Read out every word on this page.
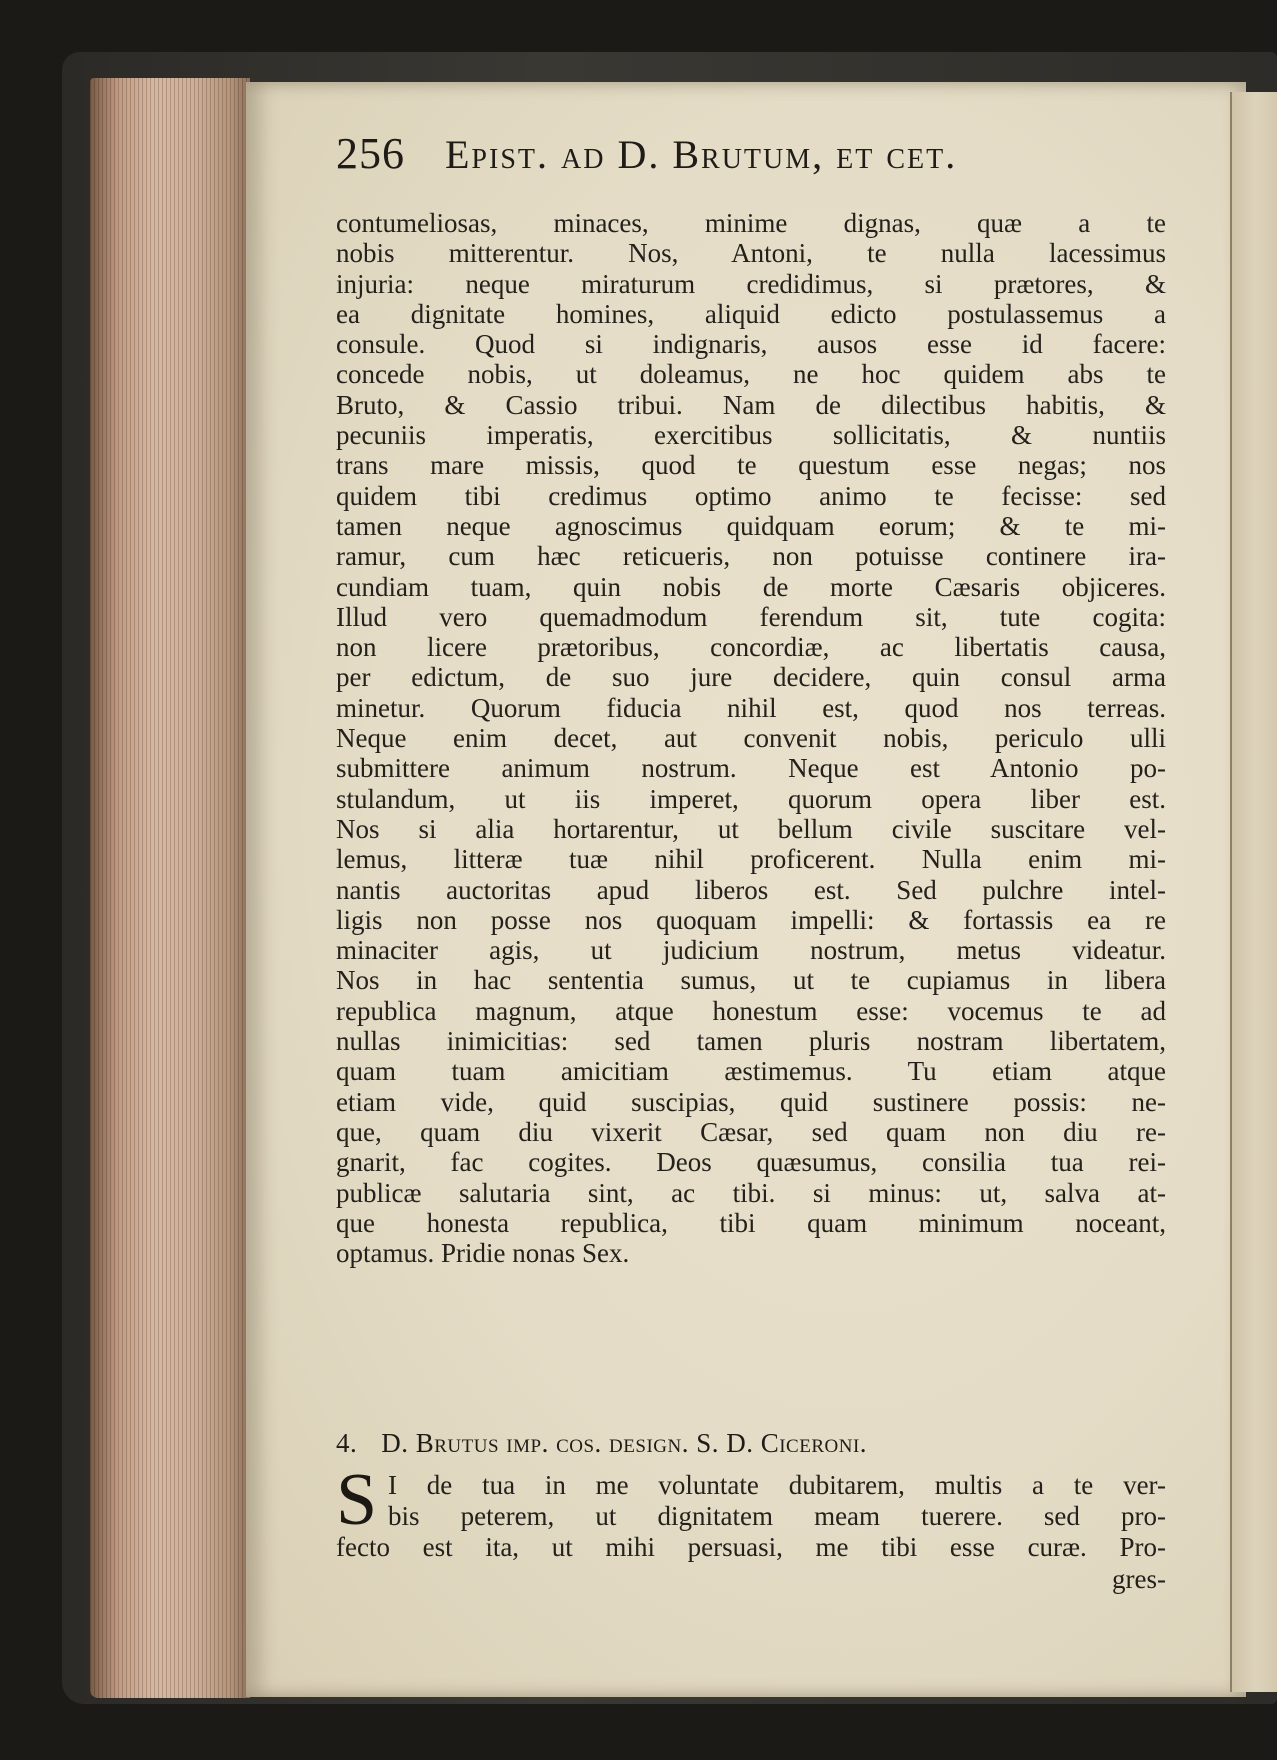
256 Epist. ad D. Brutum, et cet.
contumeliosas, minaces, minime dignas, quæ a te
nobis mitterentur. Nos, Antoni, te nulla lacessimus
injuria: neque miraturum credidimus, si prætores, &
ea dignitate homines, aliquid edicto postulassemus a
consule. Quod si indignaris, ausos esse id facere:
concede nobis, ut doleamus, ne hoc quidem abs te
Bruto, & Cassio tribui. Nam de dilectibus habitis, &
pecuniis imperatis, exercitibus sollicitatis, & nuntiis
trans mare missis, quod te questum esse negas; nos
quidem tibi credimus optimo animo te fecisse: sed
tamen neque agnoscimus quidquam eorum; & te mi-
ramur, cum hæc reticueris, non potuisse continere ira-
cundiam tuam, quin nobis de morte Cæsaris objiceres.
Illud vero quemadmodum ferendum sit, tute cogita:
non licere prætoribus, concordiæ, ac libertatis causa,
per edictum, de suo jure decidere, quin consul arma
minetur. Quorum fiducia nihil est, quod nos terreas.
Neque enim decet, aut convenit nobis, periculo ulli
submittere animum nostrum. Neque est Antonio po-
stulandum, ut iis imperet, quorum opera liber est.
Nos si alia hortarentur, ut bellum civile suscitare vel-
lemus, litteræ tuæ nihil proficerent. Nulla enim mi-
nantis auctoritas apud liberos est. Sed pulchre intel-
ligis non posse nos quoquam impelli: & fortassis ea re
minaciter agis, ut judicium nostrum, metus videatur.
Nos in hac sententia sumus, ut te cupiamus in libera
republica magnum, atque honestum esse: vocemus te ad
nullas inimicitias: sed tamen pluris nostram libertatem,
quam tuam amicitiam æstimemus. Tu etiam atque
etiam vide, quid suscipias, quid sustinere possis: ne-
que, quam diu vixerit Cæsar, sed quam non diu re-
gnarit, fac cogites. Deos quæsumus, consilia tua rei-
publicæ salutaria sint, ac tibi. si minus: ut, salva at-
que honesta republica, tibi quam minimum noceant,
optamus. Pridie nonas Sex.
4. D. Brutus imp. cos. design. S. D. Ciceroni.
S I de tua in me voluntate dubitarem, multis a te ver-
bis peterem, ut dignitatem meam tuerere. sed pro-
fecto est ita, ut mihi persuasi, me tibi esse curæ. Pro-
gres-
